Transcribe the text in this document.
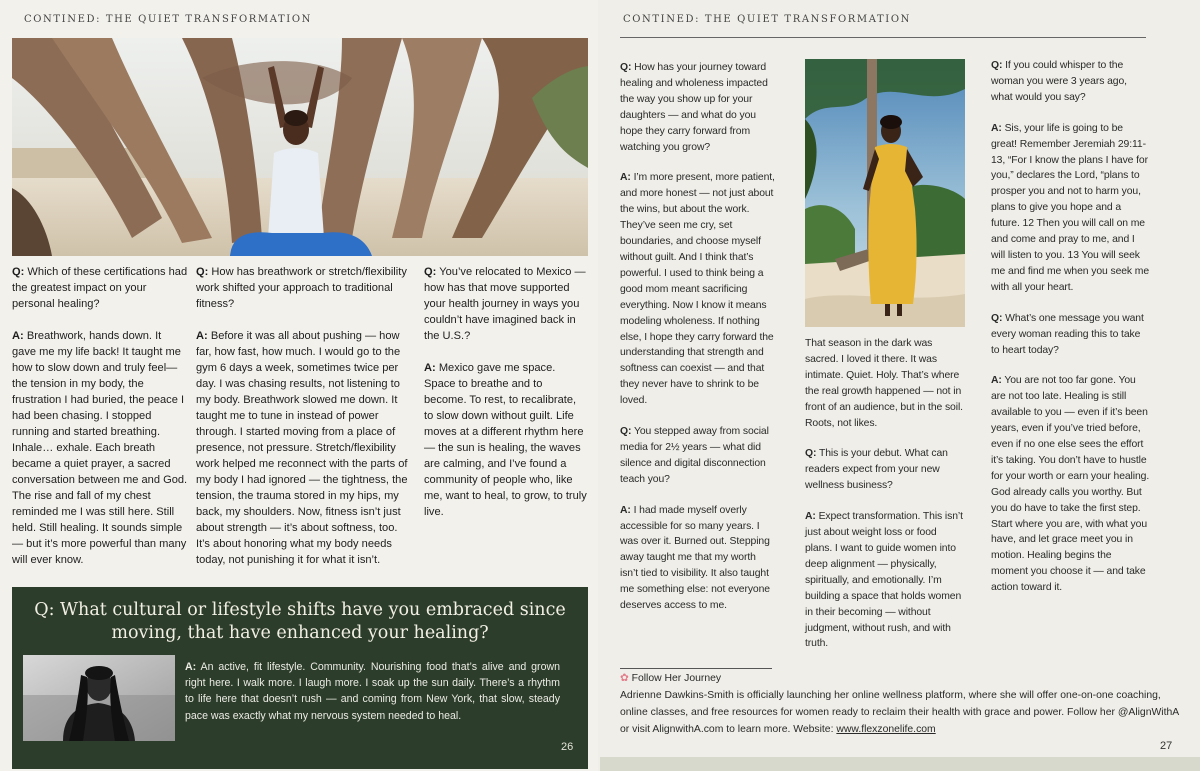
CONTINED: THE QUIET TRANSFORMATION

Q: Which of these certifications had the greatest impact on your personal healing?

A: Breathwork, hands down. It gave me my life back! It taught me how to slow down and truly feel—the tension in my body, the frustration I had buried, the peace I had been chasing. I stopped running and started breathing. Inhale… exhale. Each breath became a quiet prayer, a sacred conversation between me and God. The rise and fall of my chest reminded me I was still here. Still held. Still healing. It sounds simple — but it’s more powerful than many will ever know.

Q: How has breathwork or stretch/flexibility work shifted your approach to traditional fitness?

A: Before it was all about pushing — how far, how fast, how much. I would go to the gym 6 days a week, sometimes twice per day. I was chasing results, not listening to my body. Breathwork slowed me down. It taught me to tune in instead of power through. I started moving from a place of presence, not pressure. Stretch/flexibility work helped me reconnect with the parts of my body I had ignored — the tightness, the tension, the trauma stored in my hips, my back, my shoulders. Now, fitness isn’t just about strength — it’s about softness, too. It’s about honoring what my body needs today, not punishing it for what it isn’t.

Q: You’ve relocated to Mexico — how has that move supported your health journey in ways you couldn’t have imagined back in the U.S.?

A: Mexico gave me space. Space to breathe and to become. To rest, to recalibrate, to slow down without guilt. Life moves at a different rhythm here — the sun is healing, the waves are calming, and I’ve found a community of people who, like me, want to heal, to grow, to truly live.

Q: What cultural or lifestyle shifts have you embraced since moving, that have enhanced your healing?
A: An active, fit lifestyle. Community. Nourishing food that’s alive and grown right here. I walk more. I laugh more. I soak up the sun daily. There’s a rhythm to life here that doesn’t rush — and coming from New York, that slow, steady pace was exactly what my nervous system needed to heal.
26
CONTINED: THE QUIET TRANSFORMATION

Q: How has your journey toward healing and wholeness impacted the way you show up for your daughters — and what do you hope they carry forward from watching you grow?

A: I’m more present, more patient, and more honest — not just about the wins, but about the work. They’ve seen me cry, set boundaries, and choose myself without guilt. And I think that’s powerful. I used to think being a good mom meant sacrificing everything. Now I know it means modeling wholeness. If nothing else, I hope they carry forward the understanding that strength and softness can coexist — and that they never have to shrink to be loved.

Q: You stepped away from social media for 2½ years — what did silence and digital disconnection teach you?

A: I had made myself overly accessible for so many years. I was over it. Burned out. Stepping away taught me that my worth isn’t tied to visibility. It also taught me something else: not everyone deserves access to me.

That season in the dark was sacred. I loved it there. It was intimate. Quiet. Holy. That’s where the real growth happened — not in front of an audience, but in the soil. Roots, not likes.

Q: This is your debut. What can readers expect from your new wellness business?

A: Expect transformation. This isn’t just about weight loss or food plans. I want to guide women into deep alignment — physically, spiritually, and emotionally. I’m building a space that holds women in their becoming — without judgment, without rush, and with truth.

Q: If you could whisper to the woman you were 3 years ago, what would you say?

A: Sis, your life is going to be great! Remember Jeremiah 29:11-13, “For I know the plans I have for you,” declares the Lord, “plans to prosper you and not to harm you, plans to give you hope and a future. 12 Then you will call on me and come and pray to me, and I will listen to you. 13 You will seek me and find me when you seek me with all your heart.

Q: What’s one message you want every woman reading this to take to heart today?

A: You are not too far gone. You are not too late. Healing is still available to you — even if it’s been years, even if you’ve tried before, even if no one else sees the effort it’s taking. You don’t have to hustle for your worth or earn your healing. God already calls you worthy. But you do have to take the first step. Start where you are, with what you have, and let grace meet you in motion. Healing begins the moment you choose it — and take action toward it.

✿ Follow Her Journey
Adrienne Dawkins-Smith is officially launching her online wellness platform, where she will offer one-on-one coaching, online classes, and free resources for women ready to reclaim their health with grace and power. Follow her @AlignWithA or visit AlignwithA.com to learn more. Website: www.flexzonelife.com
27
